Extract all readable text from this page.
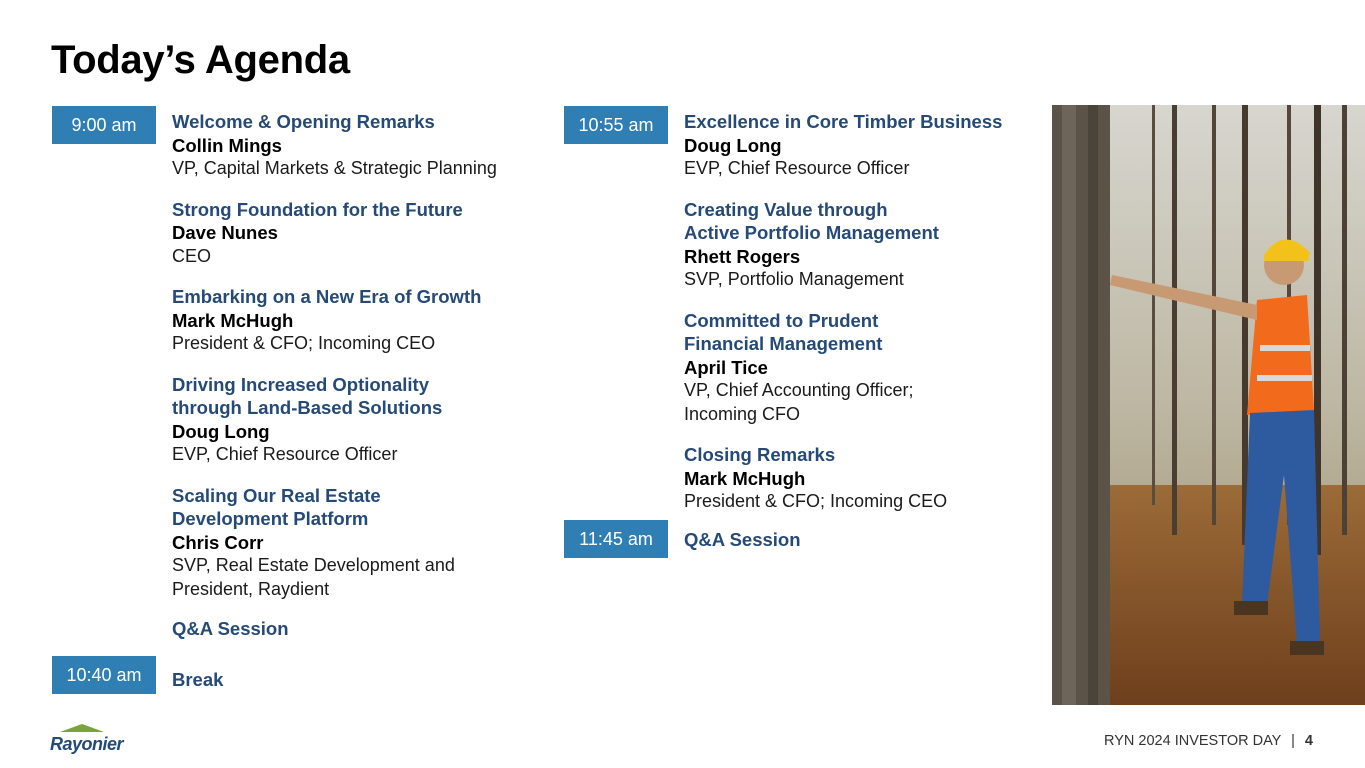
Today’s Agenda
9:00 am
10:40 am
10:55 am
11:45 am
Welcome & Opening Remarks
Collin Mings
VP, Capital Markets & Strategic Planning
Strong Foundation for the Future
Dave Nunes
CEO
Embarking on a New Era of Growth
Mark McHugh
President & CFO; Incoming CEO
Driving Increased Optionality
through Land-Based Solutions
Doug Long
EVP, Chief Resource Officer
Scaling Our Real Estate
Development Platform
Chris Corr
SVP, Real Estate Development and
President, Raydient
Q&A Session
Break
Excellence in Core Timber Business
Doug Long
EVP, Chief Resource Officer
Creating Value through
Active Portfolio Management
Rhett Rogers
SVP, Portfolio Management
Committed to Prudent
Financial Management
April Tice
VP, Chief Accounting Officer;
Incoming CFO
Closing Remarks
Mark McHugh
President & CFO; Incoming CEO
Q&A Session
Rayonier	RYN 2024 INVESTOR DAY | 4
